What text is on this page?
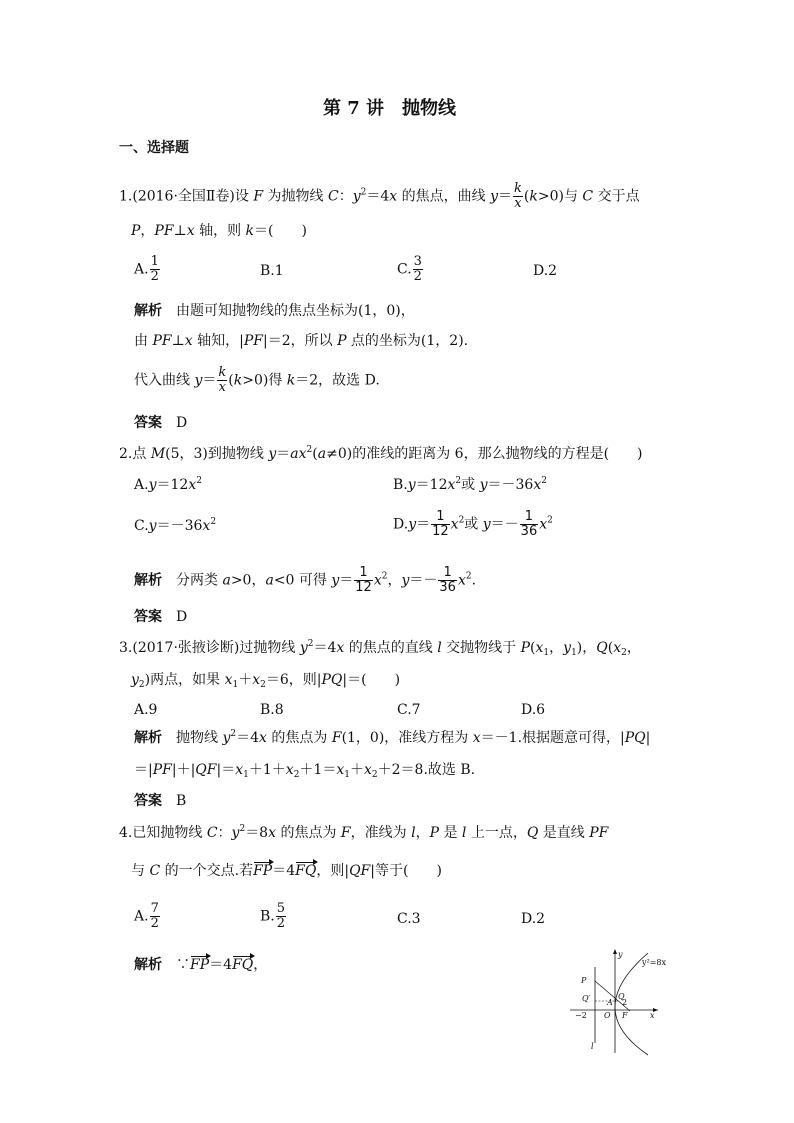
第 7 讲　抛物线
一、选择题
1.(2016·全国Ⅱ卷)设 F 为抛物线 C：$y^2=4x$ 的焦点，曲线 $y= \frac{k}{x} (k>0)$与 C 交于点
P，PF⊥x 轴，则 k＝(　　)
A. $\frac{1}{2}$	B.1	C. $\frac{3}{2}$	D.2
解析　 由题可知抛物线的焦点坐标为(1，0)，
由 PF⊥x 轴知，|PF|＝2，所以 P 点的坐标为(1，2).
代入曲线 $y= \frac{k}{x} (k>0)$得 k＝2，故选 D.
答案　 D
2.点 M(5，3)到抛物线 $y=ax^2(a\ne 0)$的准线的距离为 6，那么抛物线的方程是(　　)
$A.y=12x^2$	$B.y=12x^2$或 $y=-36x^2$
$C.y=-36x^2$	$D.y= \frac{1}{12} x^2$或 $y=- \frac{1}{36} x^2$
解析　 分两类 a>0，a<0 可得 $y= \frac{1}{12} x^2$，$y=- \frac{1}{36} x^2$.
答案　 D
3.(2017·张掖诊断)过抛物线 $y^2=4x$ 的焦点的直线 l 交抛物线于 $P(x_1$，$y_1$)，$Q(x_2$，
$y_2$)两点，如果 $x_1+x_2=6$，则|PQ|＝(　　)
A.9	B.8	C.7	D.6
解析　 抛物线 $y^2=4x$ 的焦点为 F(1，0)，准线方程为 x＝－1.根据题意可得，|PQ|
$=|PF|+|QF|=x_1+1+x_2+1=x_1+x_2+2=8$.故选 B.
答案　 B
4.已知抛物线 C：$y^2=8x$ 的焦点为 F，准线为 l，P 是 l 上一点，Q 是直线 PF
与 C 的一个交点.若FP＝4FQ，则|QF|等于(　　)
A. $\frac{7}{2}$	B. $\frac{5}{2}$	C.3	D.2
解析　 ∵FP＝4FQ，	y²=8x
y
x
P
Q′	Q
A 2
−2 O F
l
